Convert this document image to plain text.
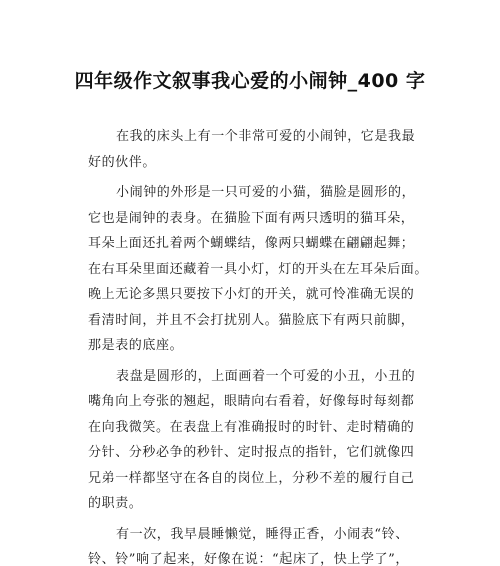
四年级作文叙事我心爱的小闹钟_400 字
在我的床头上有一个非常可爱的小闹钟，它是我最
好的伙伴。
小闹钟的外形是一只可爱的小猫，猫脸是圆形的，
它也是闹钟的表身。在猫脸下面有两只透明的猫耳朵，
耳朵上面还扎着两个蝴蝶结，像两只蝴蝶在翩翩起舞；
在右耳朵里面还藏着一具小灯，灯的开头在左耳朵后面。
晚上无论多黑只要按下小灯的开关，就可怜准确无误的
看清时间，并且不会打扰别人。猫脸底下有两只前脚，
那是表的底座。
表盘是圆形的，上面画着一个可爱的小丑，小丑的
嘴角向上夸张的翘起，眼睛向右看着，好像每时每刻都
在向我微笑。在表盘上有准确报时的时针、走时精确的
分针、分秒必争的秒针、定时报点的指针，它们就像四
兄弟一样都坚守在各自的岗位上，分秒不差的履行自己
的职责。
有一次，我早晨睡懒觉，睡得正香，小闹表“铃、
铃、铃”响了起来，好像在说：“起床了，快上学了”，
